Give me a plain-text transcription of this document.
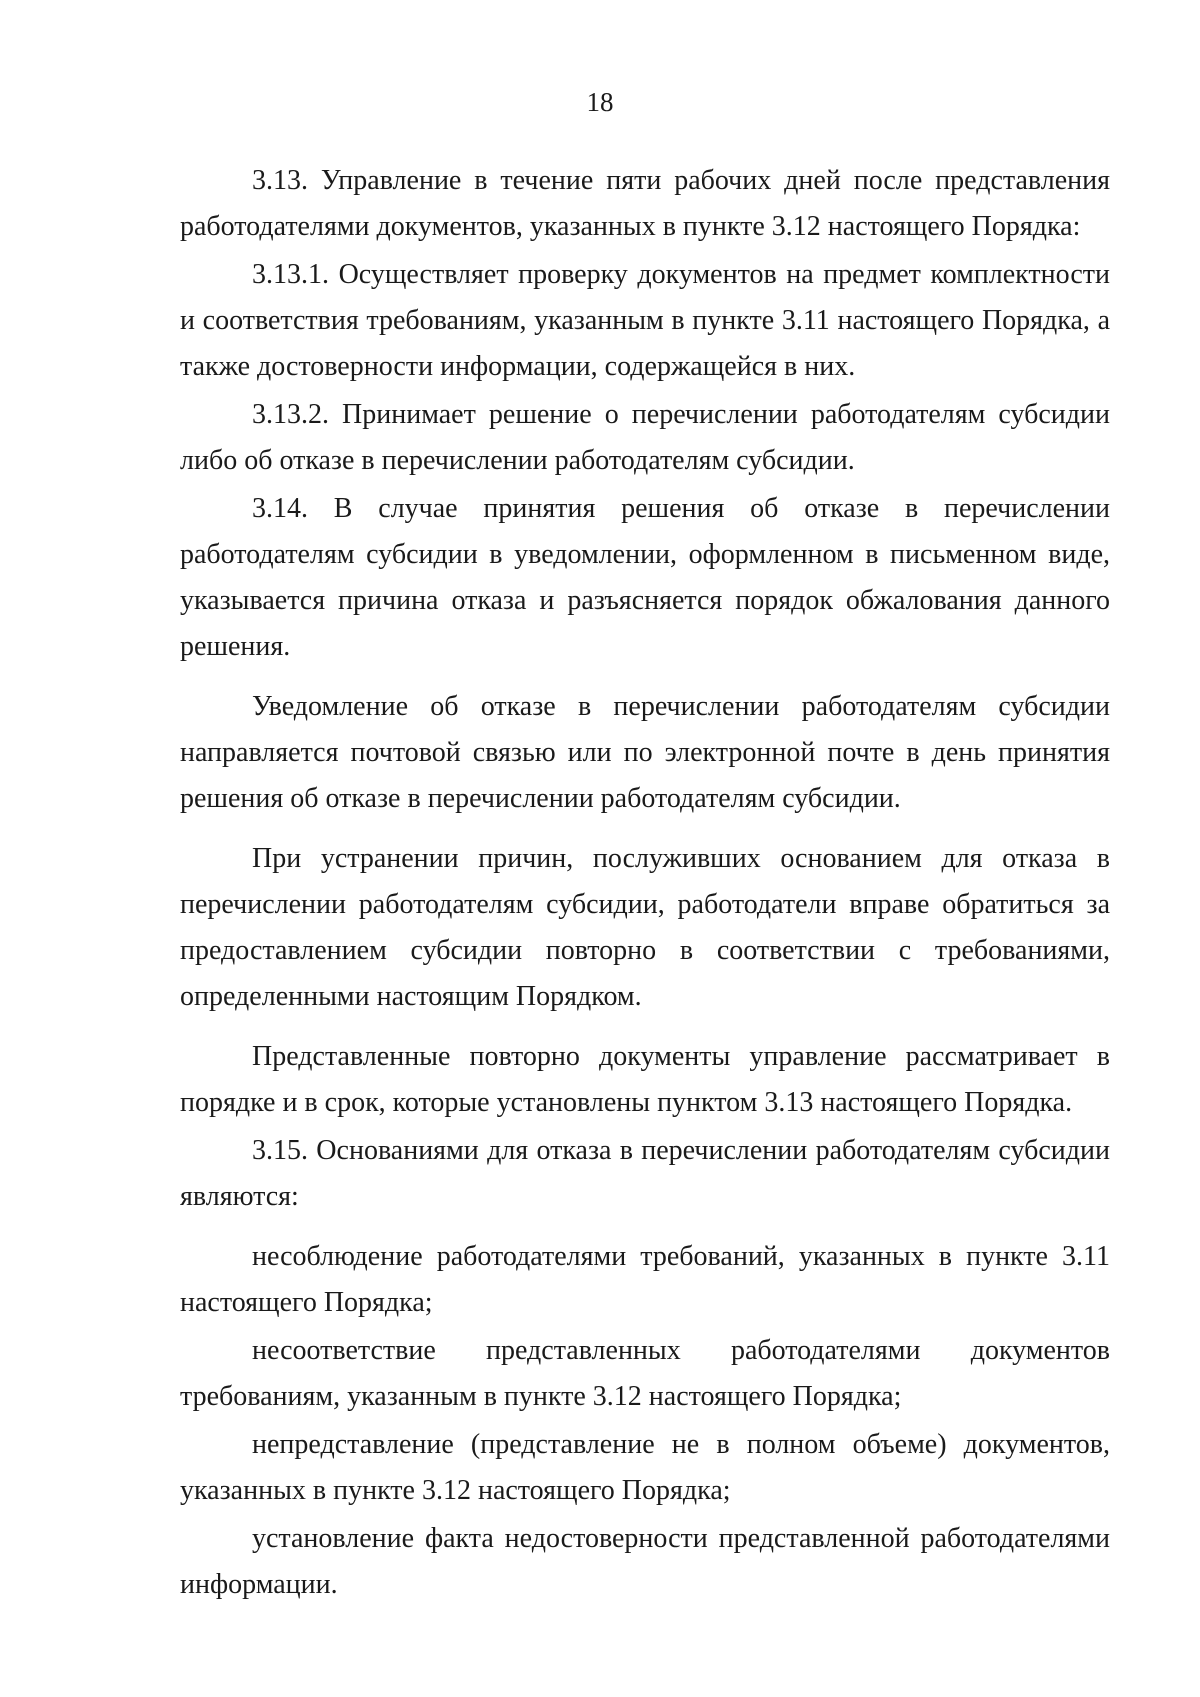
18

3.13. Управление в течение пяти рабочих дней после представления работодателями документов, указанных в пункте 3.12 настоящего Порядка:

3.13.1. Осуществляет проверку документов на предмет комплектности и соответствия требованиям, указанным в пункте 3.11 настоящего Порядка, а также достоверности информации, содержащейся в них.

3.13.2. Принимает решение о перечислении работодателям субсидии либо об отказе в перечислении работодателям субсидии.

3.14. В случае принятия решения об отказе в перечислении работодателям субсидии в уведомлении, оформленном в письменном виде, указывается причина отказа и разъясняется порядок обжалования данного решения.

Уведомление об отказе в перечислении работодателям субсидии направляется почтовой связью или по электронной почте в день принятия решения об отказе в перечислении работодателям субсидии.

При устранении причин, послуживших основанием для отказа в перечислении работодателям субсидии, работодатели вправе обратиться за предоставлением субсидии повторно в соответствии с требованиями, определенными настоящим Порядком.

Представленные повторно документы управление рассматривает в порядке и в срок, которые установлены пунктом 3.13 настоящего Порядка.

3.15. Основаниями для отказа в перечислении работодателям субсидии являются:

несоблюдение работодателями требований, указанных в пункте 3.11 настоящего Порядка;

несоответствие представленных работодателями документов требованиям, указанным в пункте 3.12 настоящего Порядка;

непредставление (представление не в полном объеме) документов, указанных в пункте 3.12 настоящего Порядка;

установление факта недостоверности представленной работодателями информации.
